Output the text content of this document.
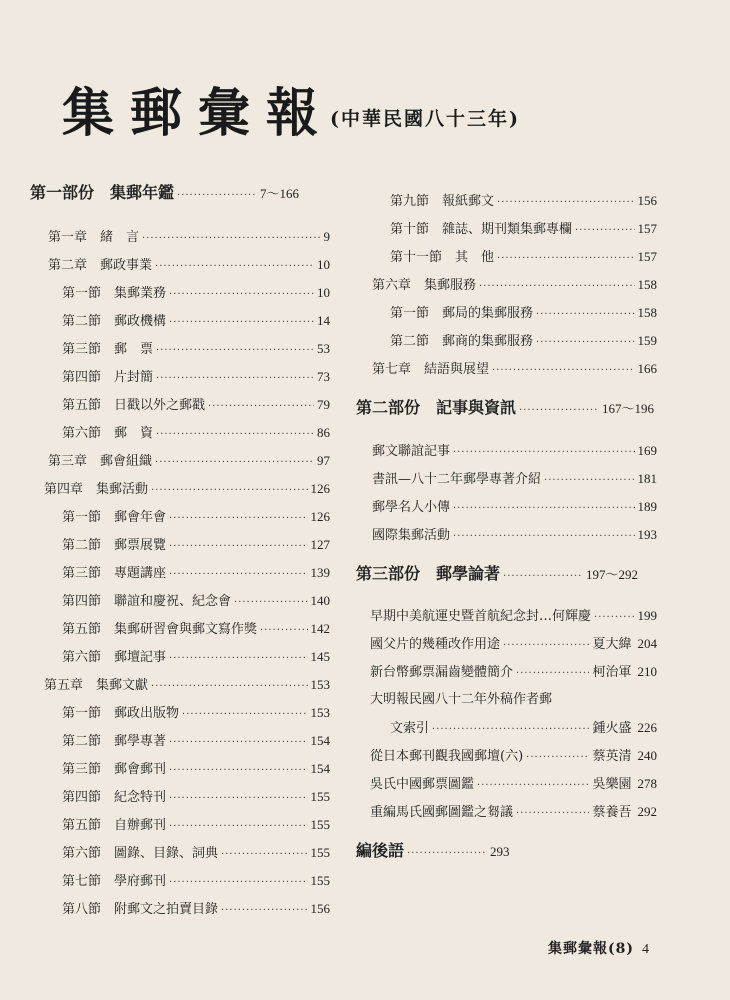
集郵彙報
(中華民國八十三年)
第一部份　集郵年鑑 ·····	7～166
第一章　緒　言 ·····	9
第二章　郵政事業 ·····	10
第一節　集郵業務 ·····	10
第二節　郵政機構 ·····	14
第三節　郵　票 ·····	53
第四節　片封簡 ·····	73
第五節　日戳以外之郵戳 ·····	79
第六節　郵　資 ·····	86
第三章　郵會組織 ·····	97
第四章　集郵活動 ·····	126
第一節　郵會年會 ·····	126
第二節　郵票展覽 ·····	127
第三節　專題講座 ·····	139
第四節　聯誼和慶祝、紀念會 ·····	140
第五節　集郵研習會與郵文寫作獎 ·····	142
第六節　郵壇記事 ·····	145
第五章　集郵文獻 ·····	153
第一節　郵政出版物 ·····	153
第二節　郵學專著 ·····	154
第三節　郵會郵刊 ·····	154
第四節　紀念特刊 ·····	155
第五節　自辦郵刊 ·····	155
第六節　圖錄、目錄、詞典 ·····	155
第七節　學府郵刊 ·····	155
第八節　附郵文之拍賣目錄 ·····	156
第九節　報紙郵文 ·····	156
第十節　雜誌、期刊類集郵專欄 ·····	157
第十一節　其　他 ·····	157
第六章　集郵服務 ·····	158
第一節　郵局的集郵服務 ·····	158
第二節　郵商的集郵服務 ·····	159
第七章　結語與展望 ·····	166
第二部份　記事與資訊 ·····	167～196
郵文聯誼記事 ·····	169
書訊—八十二年郵學專著介紹 ·····	181
郵學名人小傳 ·····	189
國際集郵活動 ·····	193
第三部份　郵學論著 ·····	197～292
早期中美航運史暨首航紀念封…何輝慶 ·····	199
國父片的幾種改作用途 ·····	夏大緯 204
新台幣郵票漏齒變體簡介 ·····	柯治軍 210
大明報民國八十二年外稿作者郵
文索引 ·····	鍾火盛 226
從日本郵刊觀我國郵壇(六) ·····	蔡英清 240
吳氏中國郵票圖鑑 ·····	吳樂園 278
重編馬氏國郵圖鑑之芻議 ·····	蔡養吾 292
編後語 ·····	293
集郵彙報(8) 4
